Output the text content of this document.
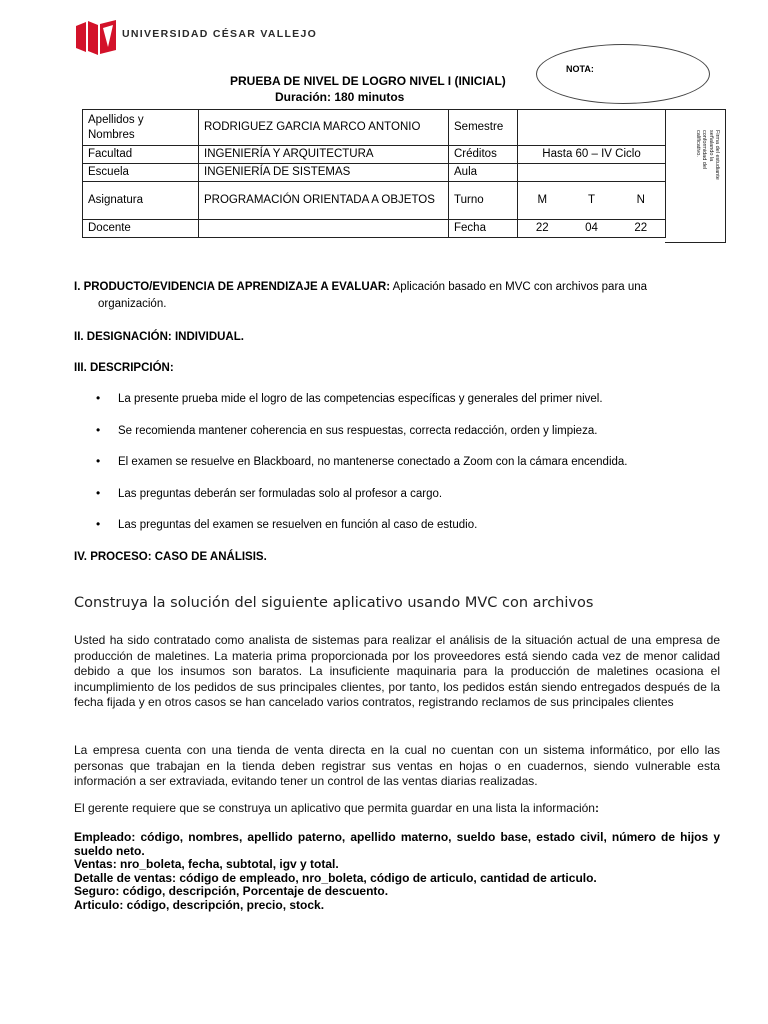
UNIVERSIDAD CÉSAR VALLEJO
NOTA:
PRUEBA DE NIVEL DE LOGRO NIVEL I (INICIAL)
Duración: 180 minutos
Apellidos y Nombres	RODRIGUEZ GARCIA MARCO ANTONIO	Semestre			
Facultad	INGENIERÍA Y ARQUITECTURA	Créditos	Hasta 60 – IV Ciclo		
Escuela	INGENIERÍA DE SISTEMAS	Aula			
Asignatura	PROGRAMACIÓN ORIENTADA A OBJETOS	Turno	M	T	N
Docente		Fecha	22	04	22
Firma del estudiante señalando la conformidad del calificativo.
I. PRODUCTO/EVIDENCIA DE APRENDIZAJE A EVALUAR: Aplicación basado en MVC con archivos para una
organización.
II. DESIGNACIÓN: INDIVIDUAL.
III. DESCRIPCIÓN:
• La presente prueba mide el logro de las competencias específicas y generales del primer nivel.
• Se recomienda mantener coherencia en sus respuestas, correcta redacción, orden y limpieza.
• El examen se resuelve en Blackboard, no mantenerse conectado a Zoom con la cámara encendida.
• Las preguntas deberán ser formuladas solo al profesor a cargo.
• Las preguntas del examen se resuelven en función al caso de estudio.
IV. PROCESO: CASO DE ANÁLISIS.
Construya la solución del siguiente aplicativo usando MVC con archivos
Usted ha sido contratado como analista de sistemas para realizar el análisis de la situación actual de una empresa de producción de maletines. La materia prima proporcionada por los proveedores está siendo cada vez de menor calidad debido a que los insumos son baratos. La insuficiente maquinaria para la producción de maletines ocasiona el incumplimiento de los pedidos de sus principales clientes, por tanto, los pedidos están siendo entregados después de la fecha fijada y en otros casos se han cancelado varios contratos, registrando reclamos de sus principales clientes
La empresa cuenta con una tienda de venta directa en la cual no cuentan con un sistema informático, por ello las personas que trabajan en la tienda deben registrar sus ventas en hojas o en cuadernos, siendo vulnerable esta información a ser extraviada, evitando tener un control de las ventas diarias realizadas.
El gerente requiere que se construya un aplicativo que permita guardar en una lista la información:
Empleado: código, nombres, apellido paterno, apellido materno, sueldo base, estado civil, número de hijos y sueldo neto.
Ventas: nro_boleta, fecha, subtotal, igv y total.
Detalle de ventas: código de empleado, nro_boleta, código de articulo, cantidad de articulo.
Seguro: código, descripción, Porcentaje de descuento.
Articulo: código, descripción, precio, stock.
